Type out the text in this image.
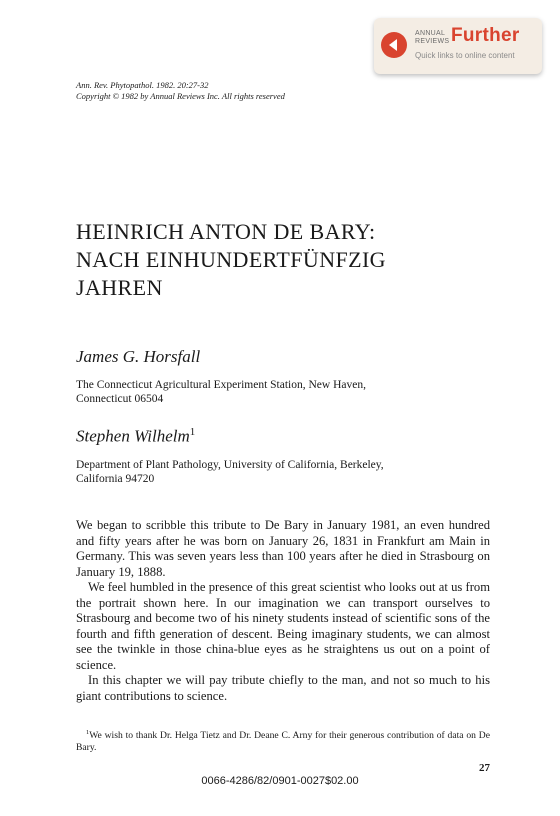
ANNUAL
REVIEWS Further
Quick links to online content
Ann. Rev. Phytopathol. 1982. 20:27-32
Copyright © 1982 by Annual Reviews Inc. All rights reserved
HEINRICH ANTON DE BARY:
NACH EINHUNDERTFÜNFZIG
JAHREN
James G. Horsfall
The Connecticut Agricultural Experiment Station, New Haven,
Connecticut 06504
Stephen Wilhelm$^1$
Department of Plant Pathology, University of California, Berkeley,
California 94720

We began to scribble this tribute to De Bary in January 1981, an even hundred and fifty years after he was born on January 26, 1831 in Frankfurt am Main in Germany. This was seven years less than 100 years after he died in Strasbourg on January 19, 1888.

We feel humbled in the presence of this great scientist who looks out at us from the portrait shown here. In our imagination we can transport ourselves to Strasbourg and become two of his ninety students instead of scientific sons of the fourth and fifth generation of descent. Being imaginary students, we can almost see the twinkle in those china-blue eyes as he straightens us out on a point of science.

In this chapter we will pay tribute chiefly to the man, and not so much to his giant contributions to science.

$^1$We wish to thank Dr. Helga Tietz and Dr. Deane C. Arny for their generous contribution of data on De Bary.

27
0066-4286/82/0901-0027$02.00
